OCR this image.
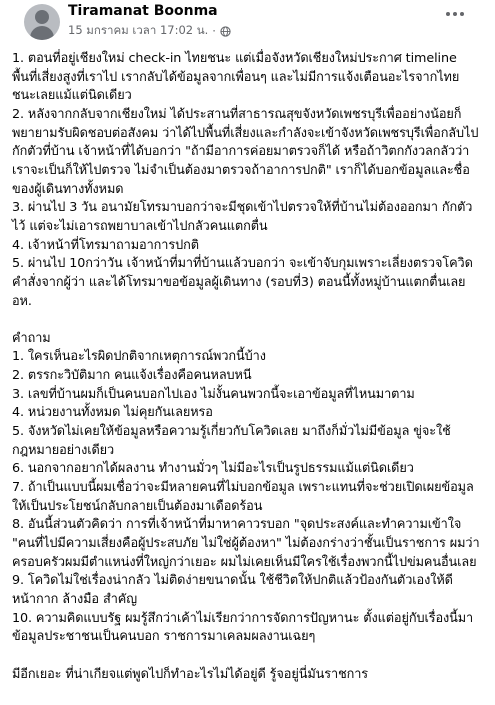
Tiramanat Boonma
15 มกราคม เวลา 17:02 น. ·

1. ตอนที่อยู่เชียงใหม่ check-in ไทยชนะ แต่เมื่อจังหวัดเชียงใหม่ประกาศ timeline พื้นที่เสี่ยงสูงที่เราไป เรากลับได้ข้อมูลจากเพื่อนๆ และไม่มีการแจ้งเตือนอะไรจากไทยชนะเลยแม้แต่นิดเดียว

2. หลังจากกลับจากเชียงใหม่ ได้ประสานที่สาธารณสุขจังหวัดเพชรบุรีเพื่ออย่างน้อยก็พยายามรับผิดชอบต่อสังคม ว่าได้ไปพื้นที่เสี่ยงและกำลังจะเข้าจังหวัดเพชรบุรีเพื่อกลับไปกักตัวที่บ้าน เจ้าหน้าที่ได้บอกว่า "ถ้ามีอาการค่อยมาตรวจก็ได้ หรือถ้าวิตกกังวลกลัวว่าเราจะเป็นก็ให้ไปตรวจ ไม่จำเป็นต้องมาตรวจถ้าอาการปกติ" เราก็ได้บอกข้อมูลและชื่อของผู้เดินทางทั้งหมด

3. ผ่านไป 3 วัน อนามัยโทรมาบอกว่าจะมีชุดเข้าไปตรวจให้ที่บ้านไม่ต้องออกมา กักตัวไว้ แต่จะไม่เอารถพยาบาลเข้าไปกลัวคนแตกตื่น

4. เจ้าหน้าที่โทรมาถามอาการปกติ

5. ผ่านไป 10กว่าวัน เจ้าหน้าที่มาที่บ้านแล้วบอกว่า จะเข้าจับกุมเพราะเลี่ยงตรวจโควิด คำสั่งจากผู้ว่า และได้โทรมาขอข้อมูลผู้เดินทาง (รอบที่3) ตอนนี้ทั้งหมู่บ้านแตกตื่นเลย อห.

คำถาม

1. ใครเห็นอะไรผิดปกติจากเหตุการณ์พวกนี้บ้าง

2. ตรรกะวิบัติมาก คนแจ้งเรื่องคือคนหลบหนี

3. เลขที่บ้านผมก็เป็นคนบอกไปเอง ไม่งั้นคนพวกนี้จะเอาข้อมูลที่ไหนมาตาม

4. หน่วยงานทั้งหมด ไม่คุยกันเลยหรอ

5. จังหวัดไม่เคยให้ข้อมูลหรือความรู้เกี่ยวกับโควิดเลย มาถึงก็มั่วไม่มีข้อมูล ขู่จะใช้กฎหมายอย่างเดียว

6. นอกจากอยากได้ผลงาน ทำงานมั่วๆ ไม่มีอะไรเป็นรูปธรรมแม้แต่นิดเดียว

7. ถ้าเป็นแบบนี้ผมเชื่อว่าจะมีหลายคนที่ไม่บอกข้อมูล เพราะแทนที่จะช่วยเปิดเผยข้อมูลให้เป็นประโยชน์กลับกลายเป็นต้องมาเดือดร้อน

8. อันนี้ส่วนตัวคิดว่า การที่เจ้าหน้าที่มาหาคาวรบอก "จุดประสงค์และทำความเข้าใจ "คนที่ไปมีความเสี่ยงคือผู้ประสบภัย ไม่ใช่ผู้ต้องหา" ไม่ต้องกร่างว่าชั้นเป็นราชการ ผมว่าครอบครัวผมมีตำแหน่งที่ใหญ่กว่าเยอะ ผมไม่เคยเห็นมีใครใช้เรื่องพวกนี้ไปข่มคนอื่นเลย

9. โควิดไม่ใช่เรื่องน่ากลัว ไม่ติดง่ายขนาดนั้น ใช้ชีวิตให้ปกติแล้วป้องกันตัวเองให้ดี หน้ากาก ล้างมือ สำคัญ

10. ความคิดแบบรัฐ ผมรู้สึกว่าเค้าไม่เรียกว่าการจัดการปัญหานะ ตั้งแต่อยู่กับเรื่องนี้มา ข้อมูลประชาชนเป็นคนบอก ราชการมาเคลมผลงานเฉยๆ

มีอีกเยอะ ที่น่าเกียจแต่พูดไปก็ทำอะไรไม่ได้อยู่ดี รู้จอยู่นี่มันราชการ
